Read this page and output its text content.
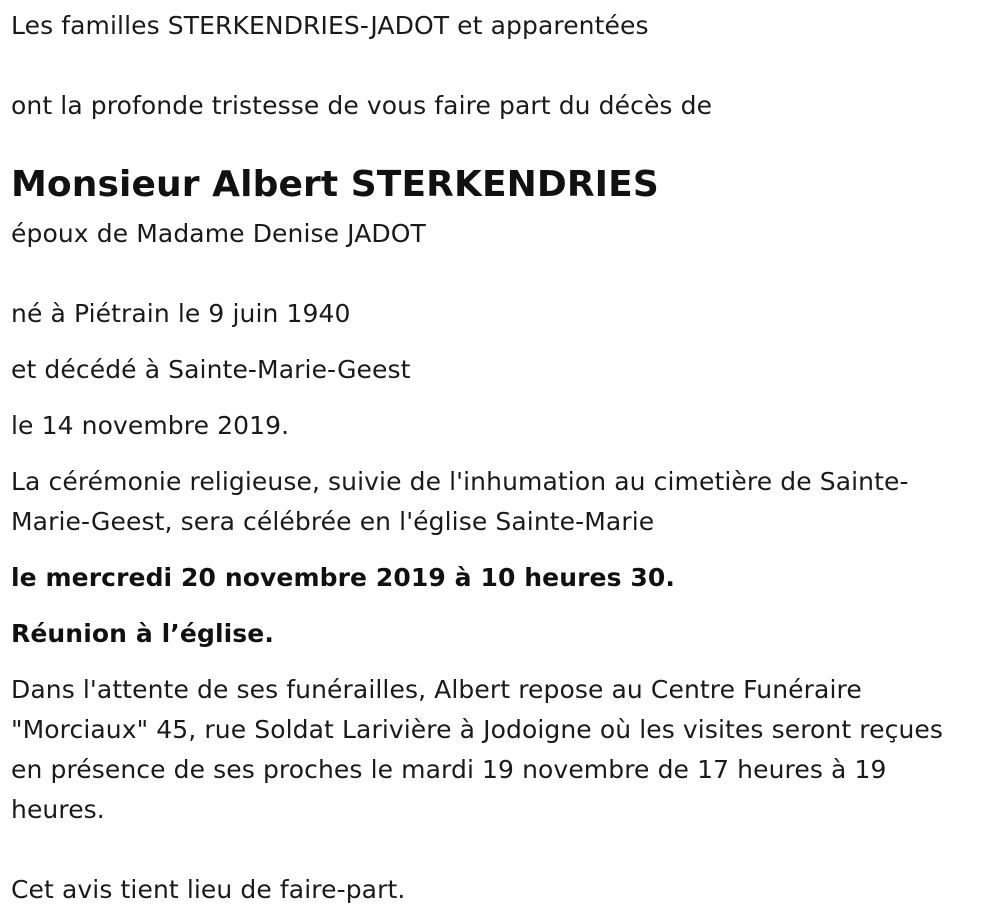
Les familles STERKENDRIES-JADOT et apparentées
ont la profonde tristesse de vous faire part du décès de
Monsieur Albert STERKENDRIES
époux de Madame Denise JADOT
né à Piétrain le 9 juin 1940
et décédé à Sainte-Marie-Geest
le 14 novembre 2019.
La cérémonie religieuse, suivie de l'inhumation au cimetière de Sainte-
Marie-Geest, sera célébrée en l'église Sainte-Marie
le mercredi 20 novembre 2019 à 10 heures 30.
Réunion à l’église.
Dans l'attente de ses funérailles, Albert repose au Centre Funéraire
"Morciaux" 45, rue Soldat Larivière à Jodoigne où les visites seront reçues
en présence de ses proches le mardi 19 novembre de 17 heures à 19
heures.
Cet avis tient lieu de faire-part.
